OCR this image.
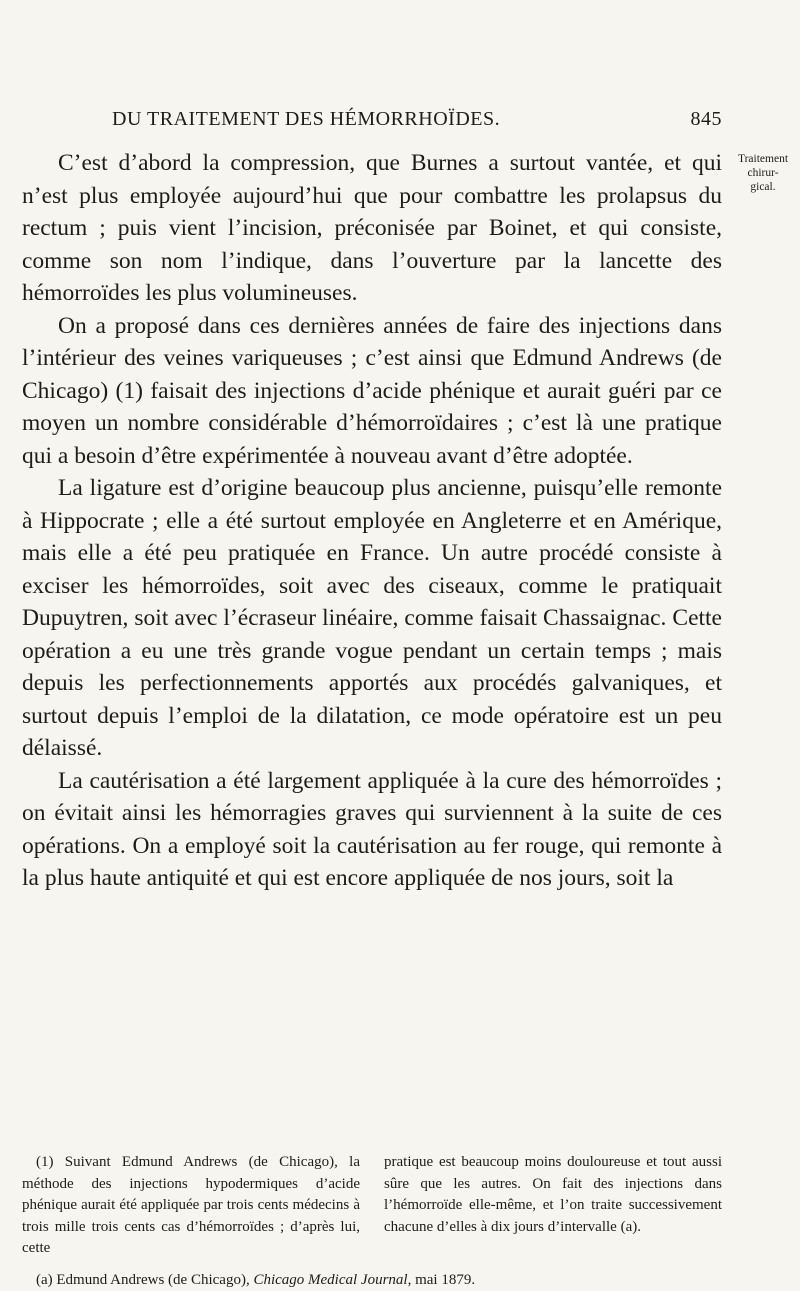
DU TRAITEMENT DES HÉMORRHOÏDES.	845
Traitement
chirur-
gical.

C’est d’abord la compression, que Burnes a surtout vantée, et qui n’est plus employée aujourd’hui que pour combattre les prolapsus du rectum ; puis vient l’incision, préconisée par Boinet, et qui consiste, comme son nom l’indique, dans l’ouverture par la lancette des hémorroïdes les plus volumineuses.

On a proposé dans ces dernières années de faire des injections dans l’intérieur des veines variqueuses ; c’est ainsi que Edmund Andrews (de Chicago) (1) faisait des injections d’acide phénique et aurait guéri par ce moyen un nombre considérable d’hémorroïdaires ; c’est là une pratique qui a besoin d’être expérimentée à nouveau avant d’être adoptée.

La ligature est d’origine beaucoup plus ancienne, puisqu’elle remonte à Hippocrate ; elle a été surtout employée en Angleterre et en Amérique, mais elle a été peu pratiquée en France. Un autre procédé consiste à exciser les hémorroïdes, soit avec des ciseaux, comme le pratiquait Dupuytren, soit avec l’écraseur linéaire, comme faisait Chassaignac. Cette opération a eu une très grande vogue pendant un certain temps ; mais depuis les perfectionnements apportés aux procédés galvaniques, et surtout depuis l’emploi de la dilatation, ce mode opératoire est un peu délaissé.

La cautérisation a été largement appliquée à la cure des hémorroïdes ; on évitait ainsi les hémorragies graves qui surviennent à la suite de ces opérations. On a employé soit la cautérisation au fer rouge, qui remonte à la plus haute antiquité et qui est encore appliquée de nos jours, soit la

(1) Suivant Edmund Andrews (de Chicago), la méthode des injections hypodermiques d’acide phénique aurait été appliquée par trois cents médecins à trois mille trois cents cas d’hémorroïdes ; d’après lui, cette

pratique est beaucoup moins douloureuse et tout aussi sûre que les autres. On fait des injections dans l’hémorroïde elle-même, et l’on traite successivement chacune d’elles à dix jours d’intervalle (a).

(a) Edmund Andrews (de Chicago), Chicago Medical Journal, mai 1879.
